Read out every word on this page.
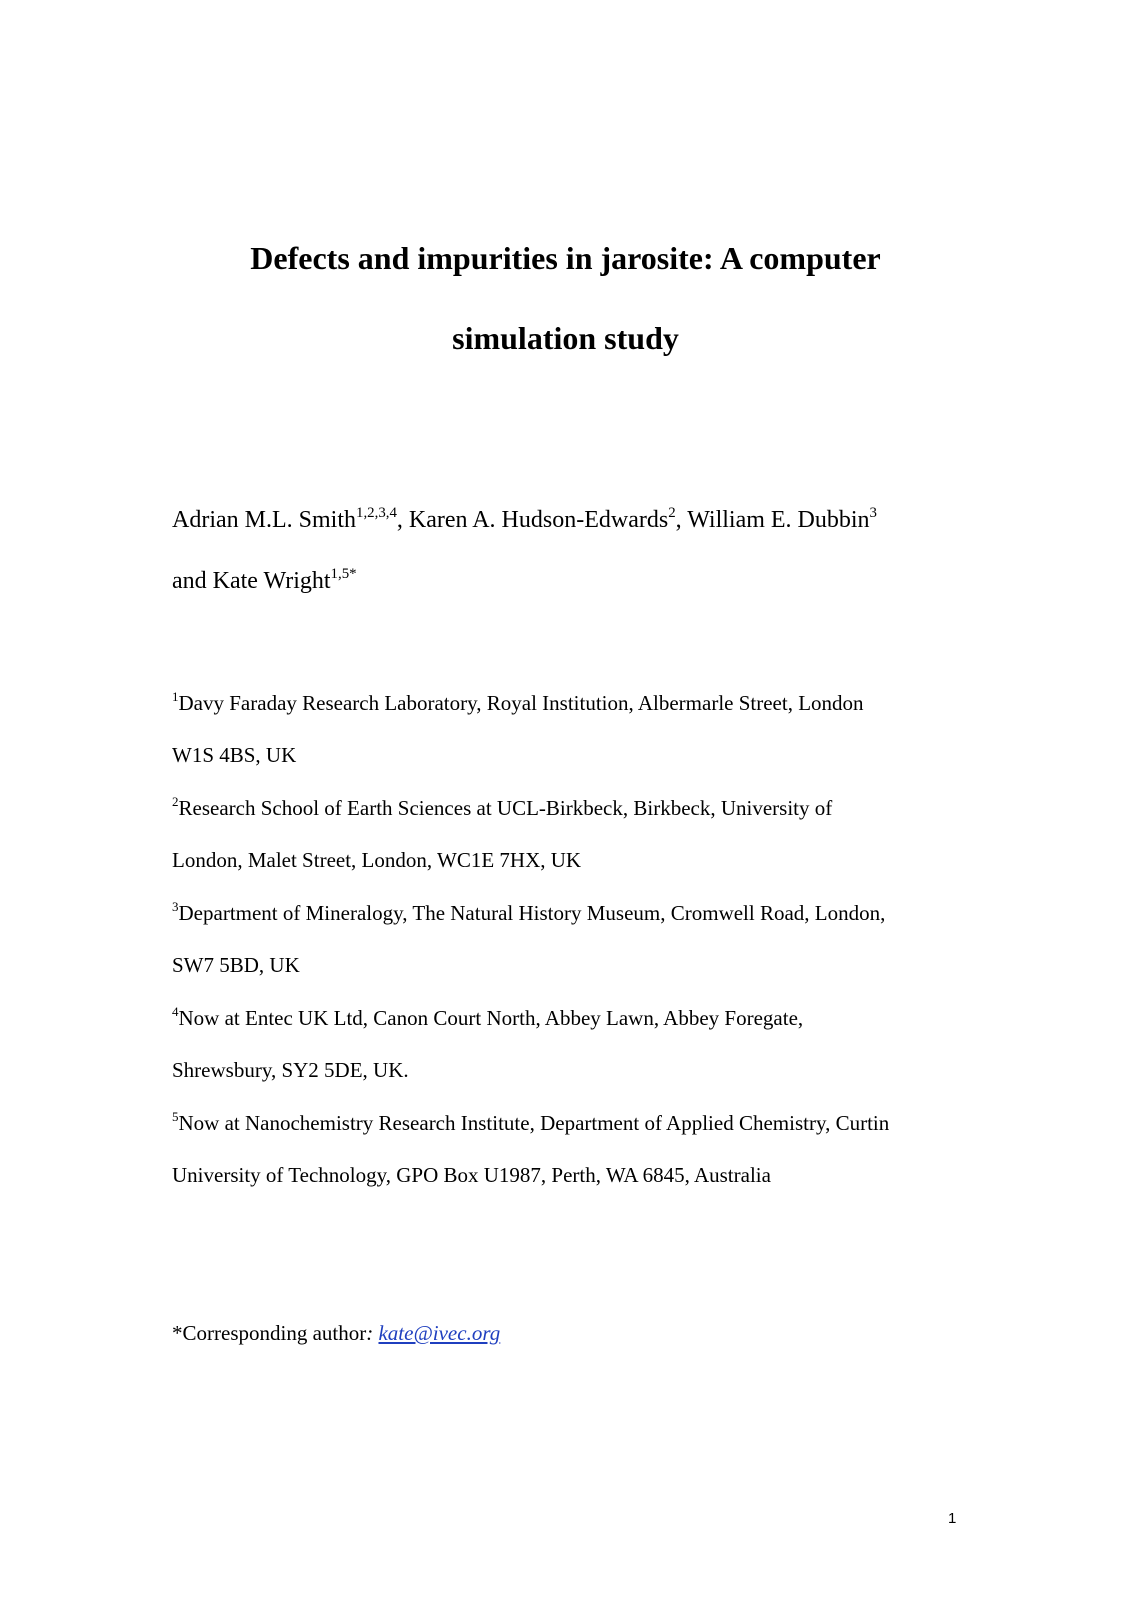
Defects and impurities in jarosite: A computer
simulation study
Adrian M.L. Smith$^{1,2,3,4}$, Karen A. Hudson-Edwards$^2$, William E. Dubbin$^3$
and Kate Wright$^{1,5*}$
$^1$Davy Faraday Research Laboratory, Royal Institution, Albermarle Street, London
W1S 4BS, UK
$^2$Research School of Earth Sciences at UCL-Birkbeck, Birkbeck, University of
London, Malet Street, London, WC1E 7HX, UK
$^3$Department of Mineralogy, The Natural History Museum, Cromwell Road, London,
SW7 5BD, UK
$^4$Now at Entec UK Ltd, Canon Court North, Abbey Lawn, Abbey Foregate,
Shrewsbury, SY2 5DE, UK.
$^5$Now at Nanochemistry Research Institute, Department of Applied Chemistry, Curtin
University of Technology, GPO Box U1987, Perth, WA 6845, Australia
*Corresponding author: kate@ivec.org
1
